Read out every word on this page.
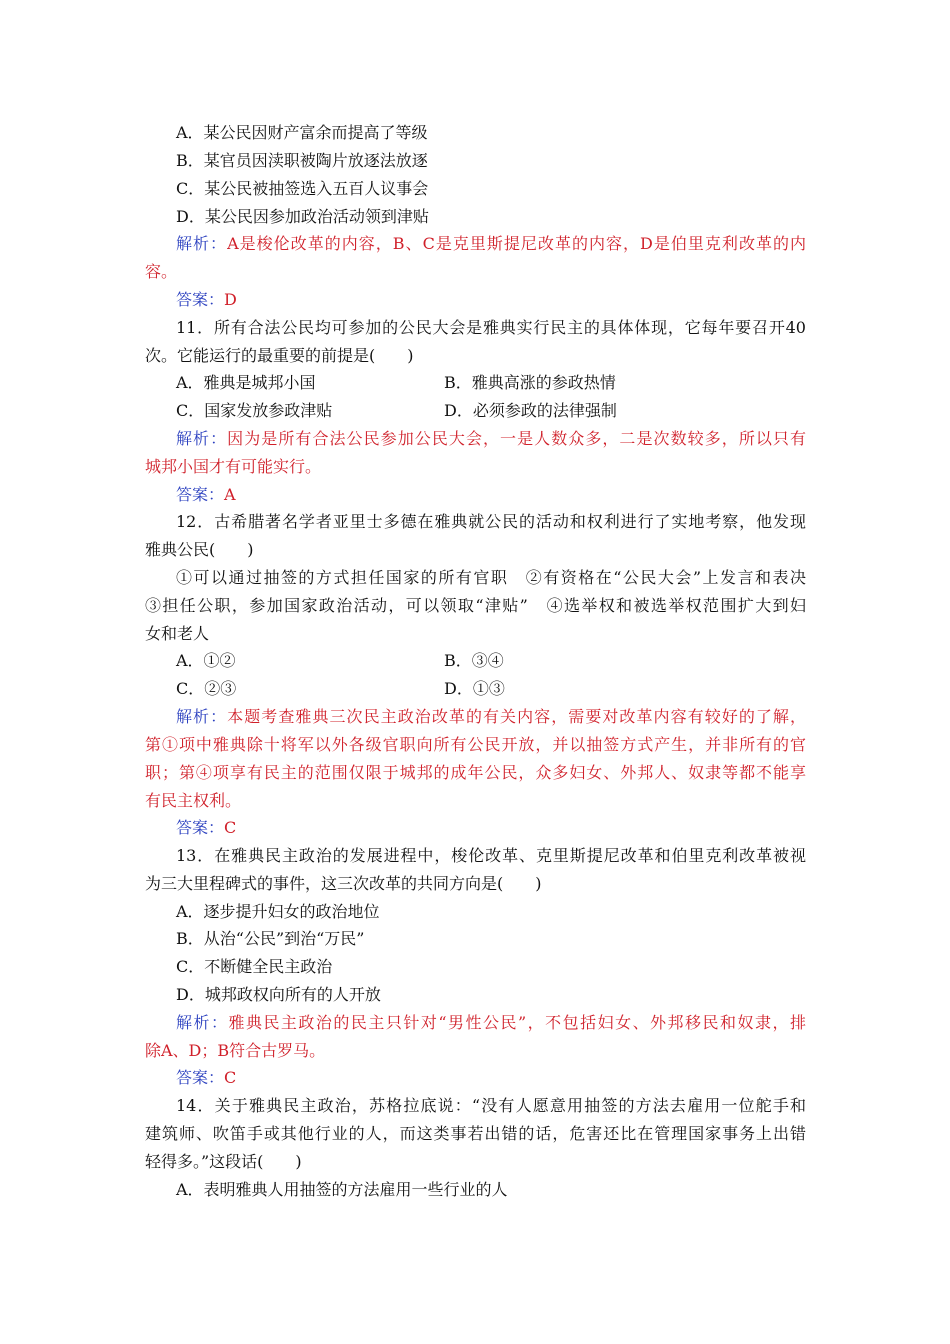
A．某公民因财产富余而提高了等级
B．某官员因渎职被陶片放逐法放逐
C．某公民被抽签选入五百人议事会
D．某公民因参加政治活动领到津贴
解析：A是梭伦改革的内容，B、C是克里斯提尼改革的内容，D是伯里克利改革的内
容。
答案：D
11．所有合法公民均可参加的公民大会是雅典实行民主的具体体现，它每年要召开40
次。它能运行的最重要的前提是(　　)
A．雅典是城邦小国	B．雅典高涨的参政热情
C．国家发放参政津贴	D．必须参政的法律强制
解析：因为是所有合法公民参加公民大会，一是人数众多，二是次数较多，所以只有
城邦小国才有可能实行。
答案：A
12．古希腊著名学者亚里士多德在雅典就公民的活动和权利进行了实地考察，他发现
雅典公民(　　)
①可以通过抽签的方式担任国家的所有官职　②有资格在“公民大会”上发言和表决
③担任公职，参加国家政治活动，可以领取“津贴”　④选举权和被选举权范围扩大到妇
女和老人
A．①②	B．③④
C．②③	D．①③
解析：本题考查雅典三次民主政治改革的有关内容，需要对改革内容有较好的了解，
第①项中雅典除十将军以外各级官职向所有公民开放，并以抽签方式产生，并非所有的官
职；第④项享有民主的范围仅限于城邦的成年公民，众多妇女、外邦人、奴隶等都不能享
有民主权利。
答案：C
13．在雅典民主政治的发展进程中，梭伦改革、克里斯提尼改革和伯里克利改革被视
为三大里程碑式的事件，这三次改革的共同方向是(　　)
A．逐步提升妇女的政治地位
B．从治“公民”到治“万民”
C．不断健全民主政治
D．城邦政权向所有的人开放
解析：雅典民主政治的民主只针对“男性公民”，不包括妇女、外邦移民和奴隶，排
除A、D；B符合古罗马。
答案：C
14．关于雅典民主政治，苏格拉底说：“没有人愿意用抽签的方法去雇用一位舵手和
建筑师、吹笛手或其他行业的人，而这类事若出错的话，危害还比在管理国家事务上出错
轻得多。”这段话(　　)
A．表明雅典人用抽签的方法雇用一些行业的人
